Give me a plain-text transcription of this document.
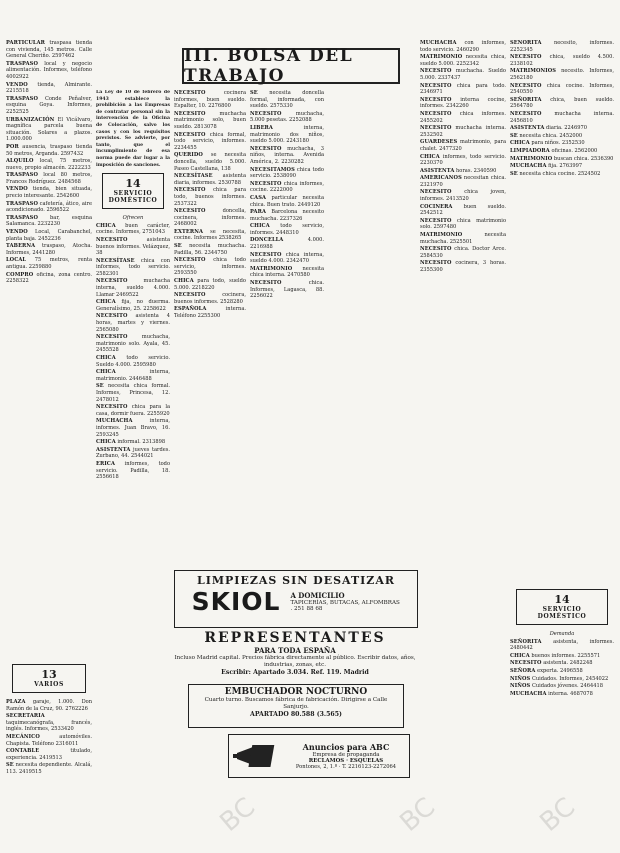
III. BOLSA DEL TRABAJO

PARTICULAR traspasa tienda con vivienda, 145 metros. Calle General Cheriño. 2597462

TRASPASO local y negocio alimentación. Informes, teléfono 4002922

VENDO tienda, Almirante. 2215518

TRASPASO Conde Peñalver, esquina Goya. Informes, 2252525

URBANIZACIÓN El Vicálvaro, magnífica parcela buena situación. Solares a plazos. 1.000.000

POR ausencia, traspaso tienda 50 metros, Arganda. 2597432

ALQUILO local, 75 metros, nuevo, propio almacén. 2222233

TRASPASO local 80 metros, Francos Rodríguez. 2484568

VENDO tienda, bien situada, precio interesante. 2542600

TRASPASO cafetería, ático, aire acondicionado. 2596522

TRASPASO bar, esquina Salamanca. 2232230

VENDO Local, Carabanchel, planta baja. 2452236

TABERNA traspaso, Atocha. Informes, 2441280

LOCAL 75 metros, renta antigua. 2259880

COMPRO oficina, zona centro. 2258322

13
VARIOS

PLAZA garaje, 1.000. Don Ramón de la Cruz, 90. 2762226

SECRETARIA taquimecanógrafa, francés, inglés. Informes, 2533420

MECÁNICO	automóviles. Chapista. Teléfono 2316011

CONTABLE	titulado, experiencia. 2419513

SE necesita dependiente. Alcalá, 113. 2419515

La Ley de 10 de febrero de 1943 establece la prohibición a las Empresas de contratar personal sin la intervención de la Oficina de Colocación, salvo los casos y con los requisitos previstos. Se advierte, por tanto, que el incumplimiento de esa norma puede dar lugar a la imposición de sanciones.

14
SERVICIO DOMÉSTICO

Ofrecen

CHICA buen carácter, cocine. Informes, 2751043

NECESITO	asistenta buenos informes. Velázquez, 38

NECESÍTASE chica con informes, todo servicio. 2582301

NECESITO	muchacha interna, sueldo 4.000. Llamar 2469522

CHICA fija, no duerma. Generalísimo, 25. 2258622

NECESITO asistenta 4 horas, martes y viernes. 2565080

NECESITO	muchacha, matrimonio solo. Ayala, 45. 2455528

CHICA todo servicio. Sueldo 4.000. 2595980

CHICA	interna, matrimonio. 2446488

SE necesita chica formal. Informes, Princesa, 12. 2478012

NECESITO chica para la casa, dormir fuera. 2255920

MUCHACHA	interna, informes. Juan Bravo, 16. 2593245

CHICA informal. 2313898

ASISTENTA jueves tardes. Zurbano, 44. 2544021

ERICA informes, todo servicio. Padilla, 18. 2556618

NECESITO	cocinera informes, buen sueldo. Espalter, 10. 2276800

NECESITO	muchacha matrimonio solo, buen sueldo. 2813078

NECESITO chica formal, todo servicio, informes. 2234455

QUERIDO se necesita doncella, sueldo 5.000. Paseo Castellana, 138

NECESÍTASE asistenta diaria, informes. 2530788

NECESITO chica para todo, buenos informes. 2537322

NECESITO	doncella, cocinera, informes. 2468002

EXTERNA se necesita, cocine. Informes 2538265

SE necesita muchacha. Padilla, 56. 2344750

NECESITO chica todo servicio, informes. 2593550

CHICA para todo, sueldo 5.000. 2218220

NECESITO	cocinera, buenos informes. 2528280

ESPAÑOLA	interna. Teléfono 2255300

SE necesita doncella formal, informada, con sueldo. 2575330

NECESITO	muchacha, 5.000 pesetas. 2252088

LIBERA	interna, matrimonio dos niños, sueldo 5.000. 2243180

NECESITO muchacha, 3 niños, interna. Avenida América, 2. 2230282

NECESITAMOS chica todo servicio. 2538090

NECESITO chica informes, cocine. 2222000

CASA particular necesita chica. Buen trato. 2449120

PARA Barcelona necesito muchacha. 2237326

CHICA todo servicio, informes. 2448310

DONCELLA	4.000. 2216988

NECESITO chica interna, sueldo 4.000. 2342470

MATRIMONIO necesita chica interna. 2470580

NECESITO	chica. Informes, Lagasca, 88. 2256022

MUCHACHA con informes, todo servicio. 2460290

MATRIMONIO necesita chica, sueldo 5.000. 2252342

NECESITO muchacha. Sueldo 5.000. 2337437

NECESITO chica para todo. 2346971

NECESITO interna cocine, informes. 2342260

NECESITO chica informes. 2455202

NECESITO muchacha interna. 2532502

GUARDESES matrimonio, para chalet. 2477320

CHICA informes, todo servicio. 2230370

ASISTENTA horas. 2340590

AMERICANOS necesitan chica. 2321970

NECESITO chica joven, informes. 2413520

COCINERA buen sueldo. 2542512

NECESITO chica matrimonio solo. 2597480

MATRIMONIO	necesita muchacha. 2525501

NECESITO chica. Doctor Arce. 2584530

NECESITO cocinera, 3 horas. 2355300

SEÑORITA necesito, informes. 2252345

NECESITO chica, sueldo 4.500. 2338102

MATRIMONIOS necesito. Informes, 2562180

NECESITO chica cocine. Informes, 2540550

SEÑORITA chica, buen sueldo. 2564780

NECESITO	muchacha interna. 2456810

ASISTENTA diaria. 2246970

SE necesita chica. 2452000

CHICA para niños. 2352530

LIMPIADORA oficinas. 2562000

MATRIMONIO buscan chica. 2536390

MUCHACHA fija. 2763997

SE necesita chica cocine. 2524502

14
SERVICIO DOMÉSTICO

Demanda

SEÑORITA asistenta, informes. 2480442

CHICA buenos informes. 2255571

NECESITO asistenta. 2482248

SEÑORA experta. 2496558

NIÑOS Cuidados. Informes, 2454022

NIÑOS Cuidados jóvenes. 2464418

MUCHACHA interna. 4687078

LIMPIEZAS SIN DESATIZAR
SKIOL A DOMICILIO
TAPICERÍAS, BUTACAS, ALFOMBRAS . 251 88 68
REPRESENTANTES
PARA TODA ESPAÑA
Incluso Madrid capital. Precios fábrica directamente al público. Escribir datos, años, industrias, zonas, etc.
Escribir: Apartado 3.034. Ref. 119. Madrid
EMBUCHADOR NOCTURNO
Cuarto turno. Buscamos fábrica de fabricación. Dirigirse a Calle Sanjurjo.
APARTADO 80.588 (3.565)
Anuncios para ABC
Empresa de propaganda
RECLAMOS · ESQUELAS
Pontones, 2, 1.º · T. 2216123-2272064
BC	BC	BC
